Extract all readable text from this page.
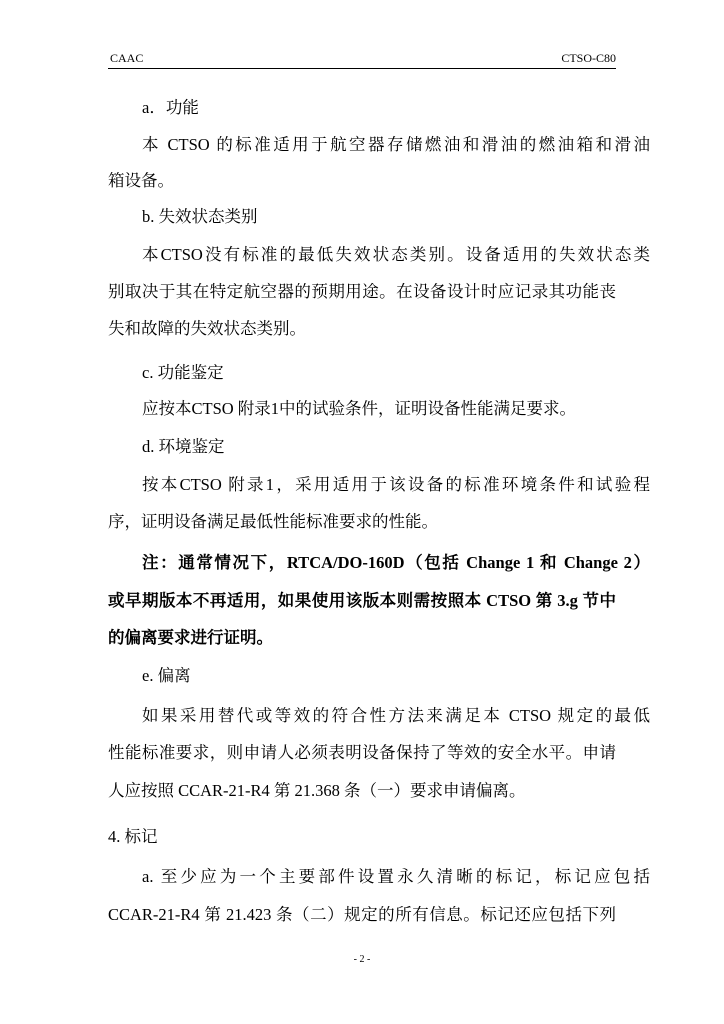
CAAC	CTSO-C80
a．功能
本 CTSO 的标准适用于航空器存储燃油和滑油的燃油箱和滑油
箱设备。
b. 失效状态类别
本CTSO没有标准的最低失效状态类别。设备适用的失效状态类
别取决于其在特定航空器的预期用途。在设备设计时应记录其功能丧
失和故障的失效状态类别。
c. 功能鉴定
应按本CTSO 附录1中的试验条件，证明设备性能满足要求。
d. 环境鉴定
按本CTSO 附录1，采用适用于该设备的标准环境条件和试验程
序，证明设备满足最低性能标准要求的性能。
注：通常情况下，RTCA/DO-160D（包括 Change 1 和 Change 2）
或早期版本不再适用，如果使用该版本则需按照本 CTSO 第 3.g 节中
的偏离要求进行证明。
e. 偏离
如果采用替代或等效的符合性方法来满足本 CTSO 规定的最低
性能标准要求，则申请人必须表明设备保持了等效的安全水平。申请
人应按照 CCAR-21-R4 第 21.368 条（一）要求申请偏离。
4. 标记
a. 至少应为一个主要部件设置永久清晰的标记，标记应包括
CCAR-21-R4 第 21.423 条（二）规定的所有信息。标记还应包括下列
- 2 -
